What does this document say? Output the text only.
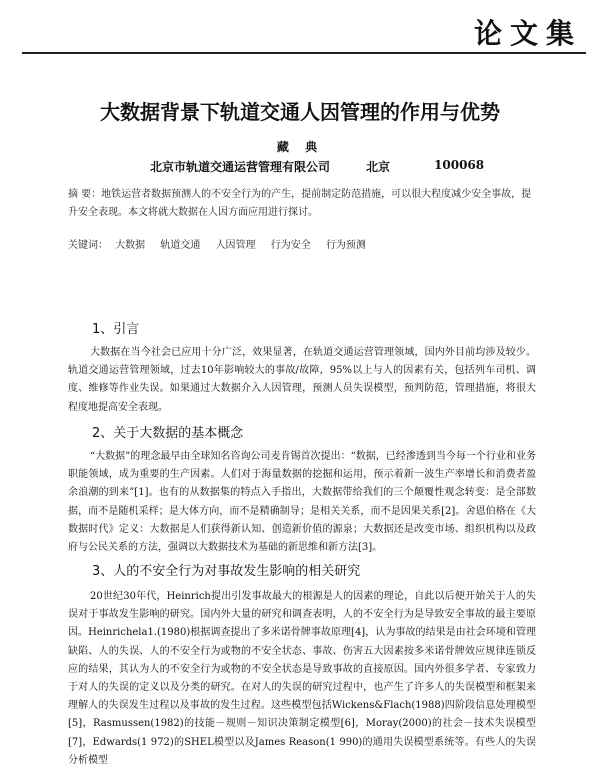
论文集
大数据背景下轨道交通人因管理的作用与优势
藏 典
北京市轨道交通运营管理有限公司	北京	100068
摘 要：地铁运营者数据预测人的不安全行为的产生，提前制定防范措施，可以很大程度减少安全事故，提升安全表现。本文将就大数据在人因方面应用进行探讨。
关键词： 大数据 轨道交通 人因管理 行为安全 行为预测
1、引言
大数据在当今社会已应用十分广泛，效果显著，在轨道交通运营管理领域，国内外目前均涉及较少。轨道交通运营管理领域，过去10年影响较大的事故/故障，95%以上与人的因素有关，包括列车司机、调度、维修等作业失误。如果通过大数据介入人因管理，预测人员失误模型，预判防范，管理措施，将很大程度地提高安全表现。
2、关于大数据的基本概念
“大数据”的理念最早由全球知名咨询公司麦肯锡首次提出：“数据，已经渗透到当今每一个行业和业务职能领域，成为重要的生产因素。人们对于海量数据的挖掘和运用，预示着新一波生产率增长和消费者盈余浪潮的到来”[1]。也有的从数据集的特点入手指出，大数据带给我们的三个颠覆性观念转变：是全部数据，而不是随机采样；是大体方向，而不是精确制导；是相关关系，而不是因果关系[2]。舍恩伯格在《大数据时代》定义：大数据是人们获得新认知、创造新价值的源泉；大数据还是改变市场、组织机构以及政府与公民关系的方法，强调以大数据技术为基础的新思维和新方法[3]。
3、人的不安全行为对事故发生影响的相关研究
20世纪30年代，Heinrich提出引发事故最大的根源是人的因素的理论，自此以后便开始关于人的失误对于事故发生影响的研究。国内外大量的研究和调查表明，人的不安全行为是导致安全事故的最主要原因。Heinrichela1.(1980)根据调查提出了多米诺骨牌事故原理[4]，认为事故的结果是由社会环境和管理缺陷、人的失误、人的不安全行为或物的不安全状态、事故、伤害五大因素按多米诺骨牌效应规律连锁反应的结果，其认为人的不安全行为或物的不安全状态是导致事故的直接原因。国内外很多学者、专家致力于对人的失误的定义以及分类的研究。在对人的失误的研究过程中，也产生了许多人的失误模型和框架来理解人的失误发生过程以及事故的发生过程。这些模型包括Wickens&Flach(1988)四阶段信息处理模型[5]，Rasmussen(1982)的技能－规则－知识决策制定模型[6]，Moray(2000)的社会－技术失误模型[7]，Edwards(1 972)的SHEL模型以及James Reason(1 990)的通用失误模型系统等。有些人的失误分析模型
